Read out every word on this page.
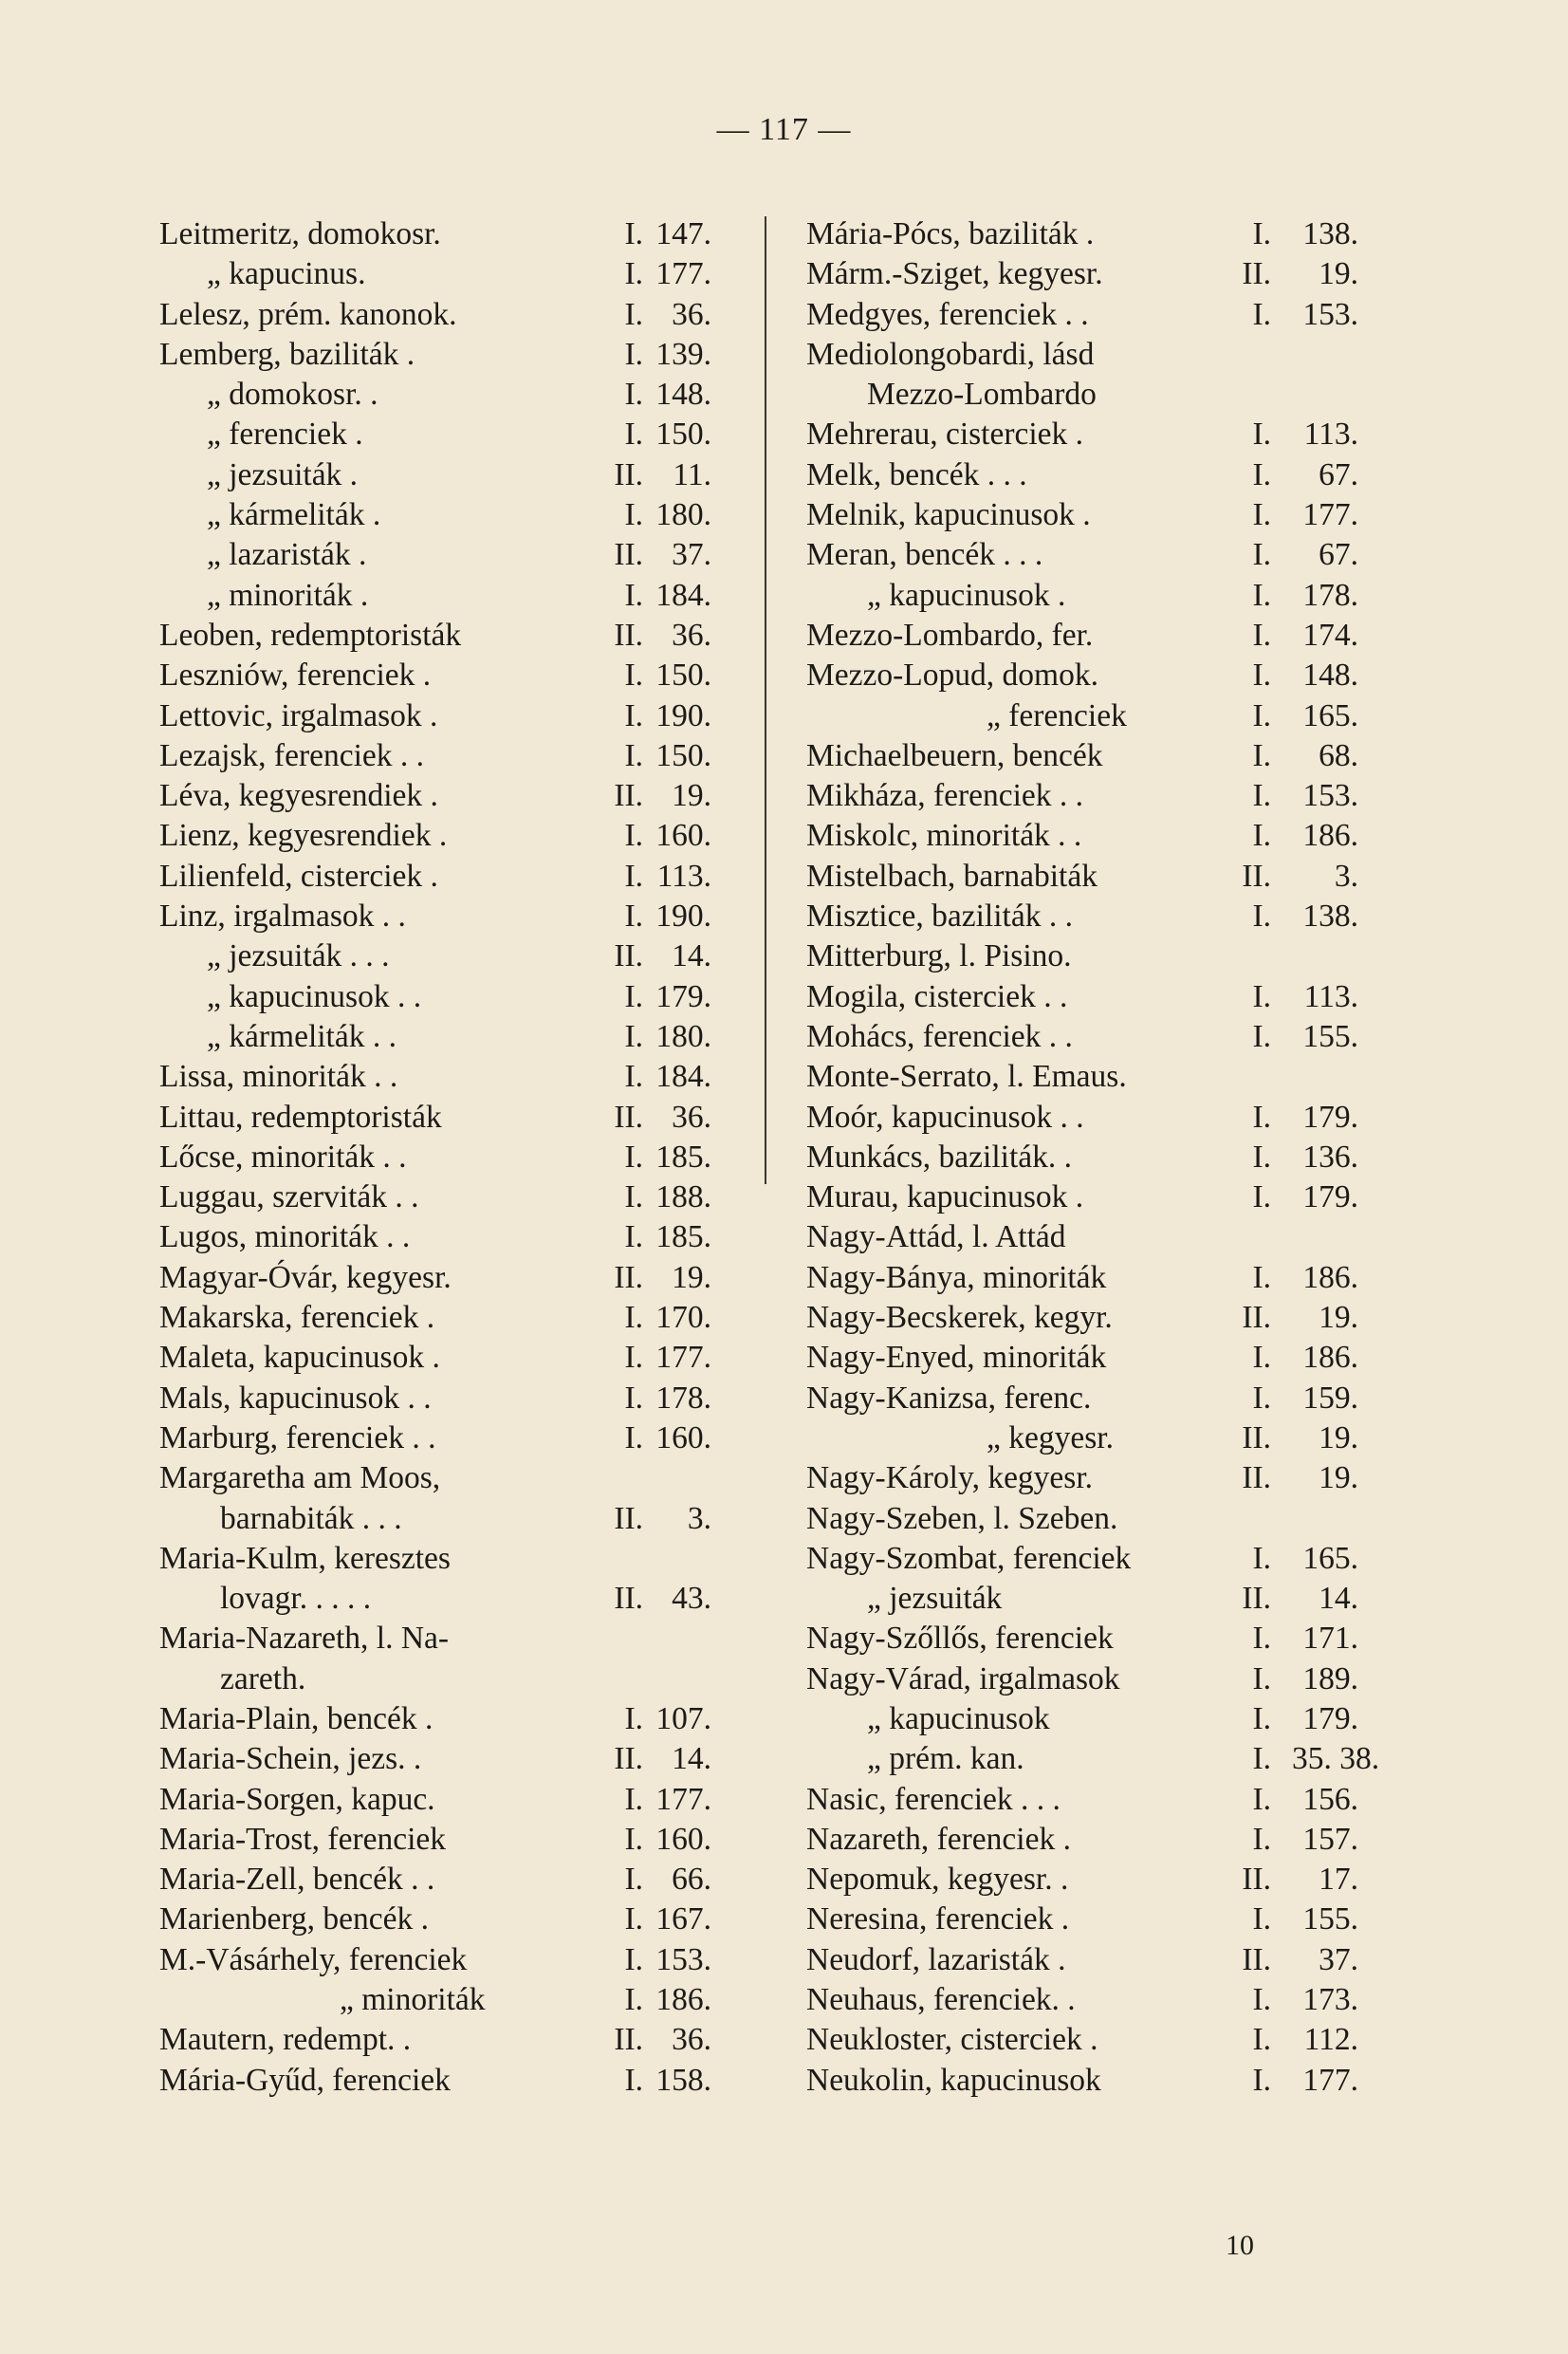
— 117 —
Leitmeritz, domokosr.	I. 147.
„ kapucinus.	I. 177.
Lelesz, prém. kanonok.	I. 36.
Lemberg, baziliták .	I. 139.
„ domokosr. .	I. 148.
„ ferenciek .	I. 150.
„ jezsuiták .	II. 11.
„ kármeliták .	I. 180.
„ lazaristák .	II. 37.
„ minoriták .	I. 184.
Leoben, redemptoristák	II. 36.
Leszniów, ferenciek .	I. 150.
Lettovic, irgalmasok .	I. 190.
Lezajsk, ferenciek . .	I. 150.
Léva, kegyesrendiek .	II. 19.
Lienz, kegyesrendiek .	I. 160.
Lilienfeld, cisterciek .	I. 113.
Linz, irgalmasok . .	I. 190.
„ jezsuiták . . .	II. 14.
„ kapucinusok . .	I. 179.
„ kármeliták . .	I. 180.
Lissa, minoriták . .	I. 184.
Littau, redemptoristák	II. 36.
Lőcse, minoriták . .	I. 185.
Luggau, szerviták . .	I. 188.
Lugos, minoriták . .	I. 185.
Magyar-Óvár, kegyesr.	II. 19.
Makarska, ferenciek .	I. 170.
Maleta, kapucinusok .	I. 177.
Mals, kapucinusok . .	I. 178.
Marburg, ferenciek . .	I. 160.
Margaretha am Moos,
barnabiták . . .	II.	3.
Maria-Kulm, keresztes
lovagr. . . . .	II. 43.
Maria-Nazareth, l. Na-
zareth.
Maria-Plain, bencék .	I. 107.
Maria-Schein, jezs. .	II. 14.
Maria-Sorgen, kapuc.	I. 177.
Maria-Trost, ferenciek	I. 160.
Maria-Zell, bencék . .	I. 66.
Marienberg, bencék .	I. 167.
M.-Vásárhely, ferenciek	I. 153.
„ minoriták	I. 186.
Mautern, redempt. .	II. 36.
Mária-Gyűd, ferenciek	I. 158.
Mária-Pócs, baziliták .	I. 138.
Márm.-Sziget, kegyesr.	II.	19.
Medgyes, ferenciek . .	I. 153.
Mediolongobardi, lásd
Mezzo-Lombardo
Mehrerau, cisterciek .	I.	113.
Melk, bencék . . .	I.	67.
Melnik, kapucinusok .	I. 177.
Meran, bencék . . .	I.	67.
„ kapucinusok .	I. 178.
Mezzo-Lombardo, fer.	I. 174.
Mezzo-Lopud, domok.	I. 148.
„ ferenciek	I. 165.
Michaelbeuern, bencék	I.	68.
Mikháza, ferenciek . .	I. 153.
Miskolc, minoriták . .	I. 186.
Mistelbach, barnabiták	II.	3.
Misztice, baziliták . .	I. 138.
Mitterburg, l. Pisino.
Mogila, cisterciek . .	I.	113.
Mohács, ferenciek . .	I. 155.
Monte-Serrato, l. Emaus.
Moór, kapucinusok . .	I. 179.
Munkács, baziliták. .	I. 136.
Murau, kapucinusok .	I. 179.
Nagy-Attád, l. Attád
Nagy-Bánya, minoriták	I. 186.
Nagy-Becskerek, kegyr.	II.	19.
Nagy-Enyed, minoriták	I. 186.
Nagy-Kanizsa, ferenc.	I. 159.
„ kegyesr.	II.	19.
Nagy-Károly, kegyesr.	II.	19.
Nagy-Szeben, l. Szeben.
Nagy-Szombat, ferenciek	I. 165.
„ jezsuiták	II.	14.
Nagy-Szőllős, ferenciek	I. 171.
Nagy-Várad, irgalmasok	I. 189.
„ kapucinusok	I. 179.
„ prém. kan.	I. 35. 38.
Nasic, ferenciek . . .	I. 156.
Nazareth, ferenciek .	I. 157.
Nepomuk, kegyesr. .	II.	17.
Neresina, ferenciek .	I. 155.
Neudorf, lazaristák .	II.	37.
Neuhaus, ferenciek. .	I. 173.
Neukloster, cisterciek .	I.	112.
Neukolin, kapucinusok	I. 177.
10
